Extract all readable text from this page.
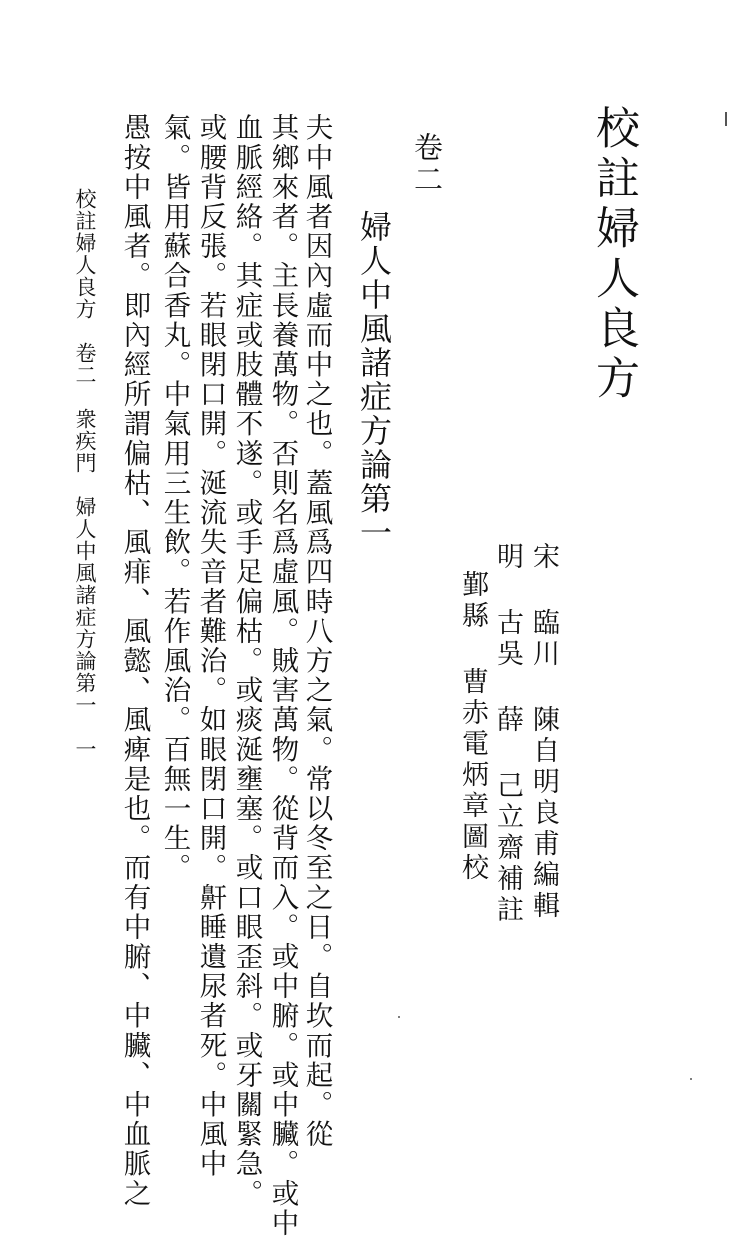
校註婦人良方
宋 臨川 陳自明良甫編輯
明 古吳 薛 己立齋補註
鄞縣 曹赤電炳章圖校
卷二
婦人中風諸症方論第一
夫中風者因內虛而中之也。蓋風爲四時八方之氣。常以冬至之日。自坎而起。從
其鄉來者。主長養萬物。否則名爲虛風。賊害萬物。從背而入。或中腑。或中臟。或中
血脈經絡。其症或肢體不遂。或手足偏枯。或痰涎壅塞。或口眼歪斜。或牙關緊急。
或腰背反張。若眼閉口開。涎流失音者難治。如眼閉口開。鼾睡遺尿者死。中風中
氣。皆用蘇合香丸。中氣用三生飲。若作風治。百無一生。
愚按中風者。即內經所謂偏枯、風痱、風懿、風痺是也。而有中腑、中臟、中血脈之
校註婦人良方　卷二　衆疾門　婦人中風諸症方論第一　一
